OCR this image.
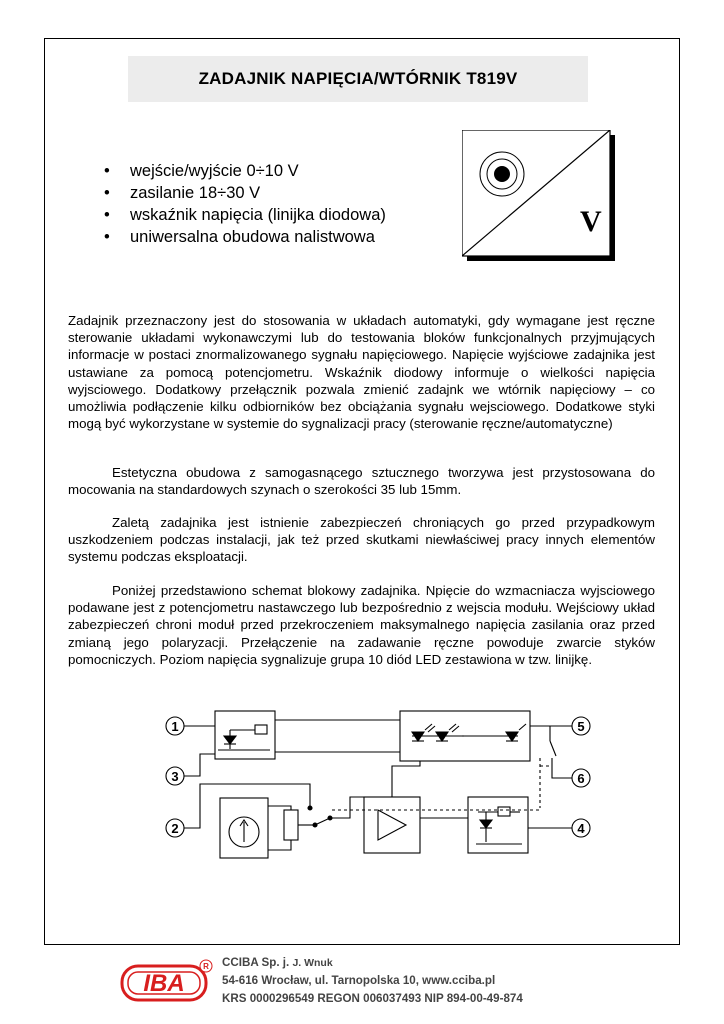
ZADAJNIK NAPIĘCIA/WTÓRNIK T819V
• wejście/wyjście 0÷10 V
• zasilanie 18÷30 V
• wskaźnik napięcia (linijka diodowa)
• uniwersalna obudowa nalistwowa	V

Zadajnik przeznaczony jest do stosowania w układach automatyki, gdy wymagane jest ręczne sterowanie układami wykonawczymi lub do testowania bloków funkcjonalnych przyjmujących informacje w postaci znormalizowanego sygnału napięciowego. Napięcie wyjściowe zadajnika jest ustawiane za pomocą potencjometru. Wskaźnik diodowy informuje o wielkości napięcia wyjsciowego. Dodatkowy przełącznik pozwala zmienić zadajnk we wtórnik napięciowy – co umożliwia podłączenie kilku odbiorników bez obciążania sygnału wejsciowego. Dodatkowe styki mogą być wykorzystane w systemie do sygnalizacji pracy (sterowanie ręczne/automatyczne)

Estetyczna obudowa z samogasnącego sztucznego tworzywa jest przystosowana do mocowania na standardowych szynach o szerokości 35 lub 15mm.

Zaletą zadajnika jest istnienie zabezpieczeń chroniących go przed przypadkowym uszkodzeniem podczas instalacji, jak też przed skutkami niewłaściwej pracy innych elementów systemu podczas eksploatacji.

Poniżej przedstawiono schemat blokowy zadajnika. Npięcie do wzmacniacza wyjsciowego podawane jest z potencjometru nastawczego lub bezpośrednio z wejscia modułu. Wejściowy układ zabezpieczeń chroni moduł przed przekroczeniem maksymalnego napięcia zasilania oraz przed zmianą jego polaryzacji. Przełączenie na zadawanie ręczne powoduje zwarcie styków pomocniczych. Poziom napięcia sygnalizuje grupa 10 diód LED zestawiona w tzw. linijkę.

1
3
2
5
6
4
IBA
R CCIBA Sp. j. J. Wnuk
54-616 Wrocław, ul. Tarnopolska 10, www.cciba.pl
KRS 0000296549 REGON 006037493 NIP 894-00-49-874
